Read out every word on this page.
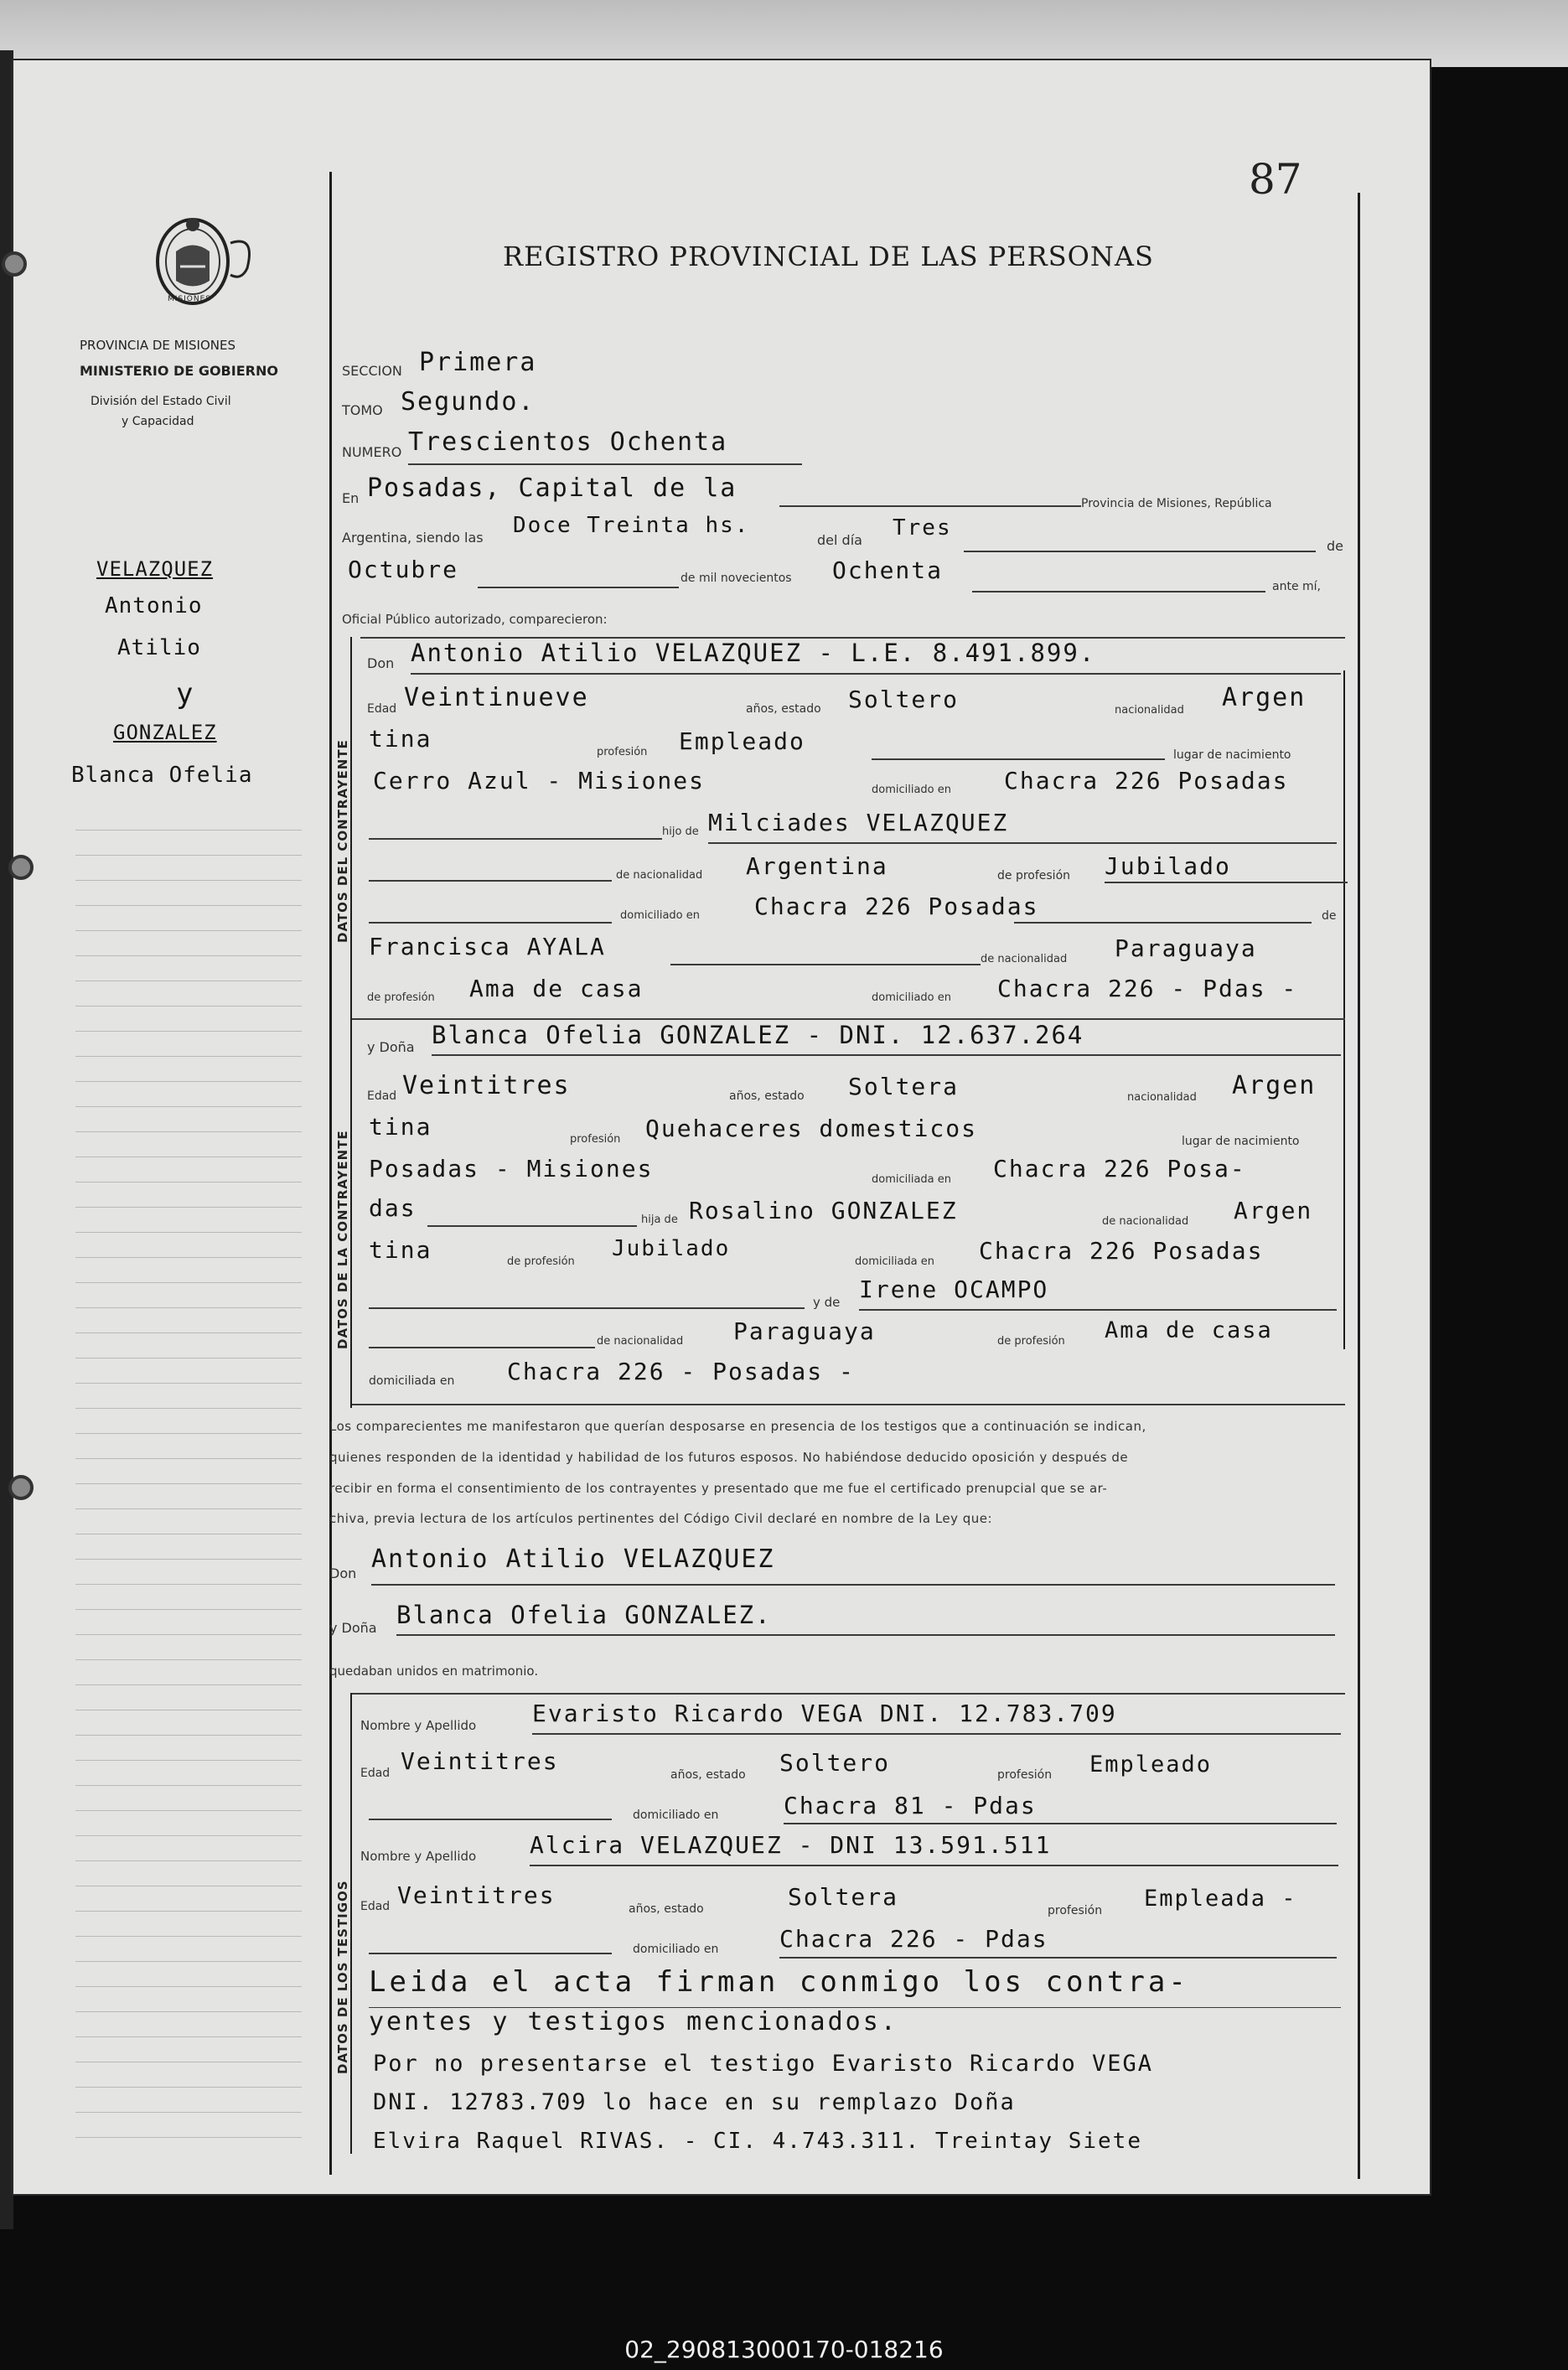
87
REGISTRO PROVINCIAL DE LAS PERSONAS
MISIONES
PROVINCIA DE MISIONES
MINISTERIO DE GOBIERNO
División del Estado Civil
y Capacidad
VELAZQUEZ
Antonio
Atilio
y
GONZALEZ
Blanca Ofelia
SECCION Primera
TOMO Segundo.
NUMERO Trescientos Ochenta
En Posadas, Capital de la
Provincia de Misiones, República
Argentina, siendo las Doce Treinta hs.
del día Tres
de
Octubre	de mil novecientos Ochenta
ante mí,
Oficial Público autorizado, comparecieron:
DATOS DEL CONTRAYENTE
Don Antonio Atilio VELAZQUEZ - L.E. 8.491.899.
Edad Veintinueve	años, estado Soltero	nacionalidad Argen
tina	profesión Empleado	lugar de nacimiento
Cerro Azul - Misiones	domiciliado en Chacra 226 Posadas
hijo de Milciades VELAZQUEZ
de nacionalidad Argentina	de profesión Jubilado
domiciliado en Chacra 226 Posadas	de
Francisca AYALA	de nacionalidad Paraguaya
de profesión Ama de casa	domiciliado en Chacra 226 - Pdas -
DATOS DE LA CONTRAYENTE
y Doña Blanca Ofelia GONZALEZ - DNI. 12.637.264
Edad Veintitres	años, estado Soltera	nacionalidad Argen
tina	profesión Quehaceres domesticos	lugar de nacimiento
Posadas - Misiones	domiciliada en Chacra 226 Posa-
das	hija de Rosalino GONZALEZ	de nacionalidad Argen
tina	de profesión
Jubilado
domiciliada en Chacra 226 Posadas
y de Irene OCAMPO
de nacionalidad Paraguaya	de profesión Ama de casa
domiciliada en Chacra 226 - Posadas -
Los comparecientes me manifestaron que querían desposarse en presencia de los testigos que a continuación se indican,
quienes responden de la identidad y habilidad de los futuros esposos. No habiéndose deducido oposición y después de
recibir en forma el consentimiento de los contrayentes y presentado que me fue el certificado prenupcial que se ar-
chiva, previa lectura de los artículos pertinentes del Código Civil declaré en nombre de la Ley que:
Don Antonio Atilio VELAZQUEZ
y Doña Blanca Ofelia GONZALEZ.
quedaban unidos en matrimonio.
DATOS DE LOS TESTIGOS
Nombre y Apellido Evaristo Ricardo VEGA DNI. 12.783.709
Edad Veintitres	años, estado Soltero	profesión Empleado
domiciliado en	Chacra 81 - Pdas
Nombre y Apellido Alcira VELAZQUEZ - DNI 13.591.511
Edad Veintitres	años, estado	Soltera	profesión Empleada -
domiciliado en	Chacra 226 - Pdas
Leida el acta firman conmigo los contra-
yentes y testigos mencionados.
Por no presentarse el testigo Evaristo Ricardo VEGA
DNI. 12783.709 lo hace en su remplazo Doña
Elvira Raquel RIVAS. - CI. 4.743.311. Treintay Siete
02_290813000170-018216
